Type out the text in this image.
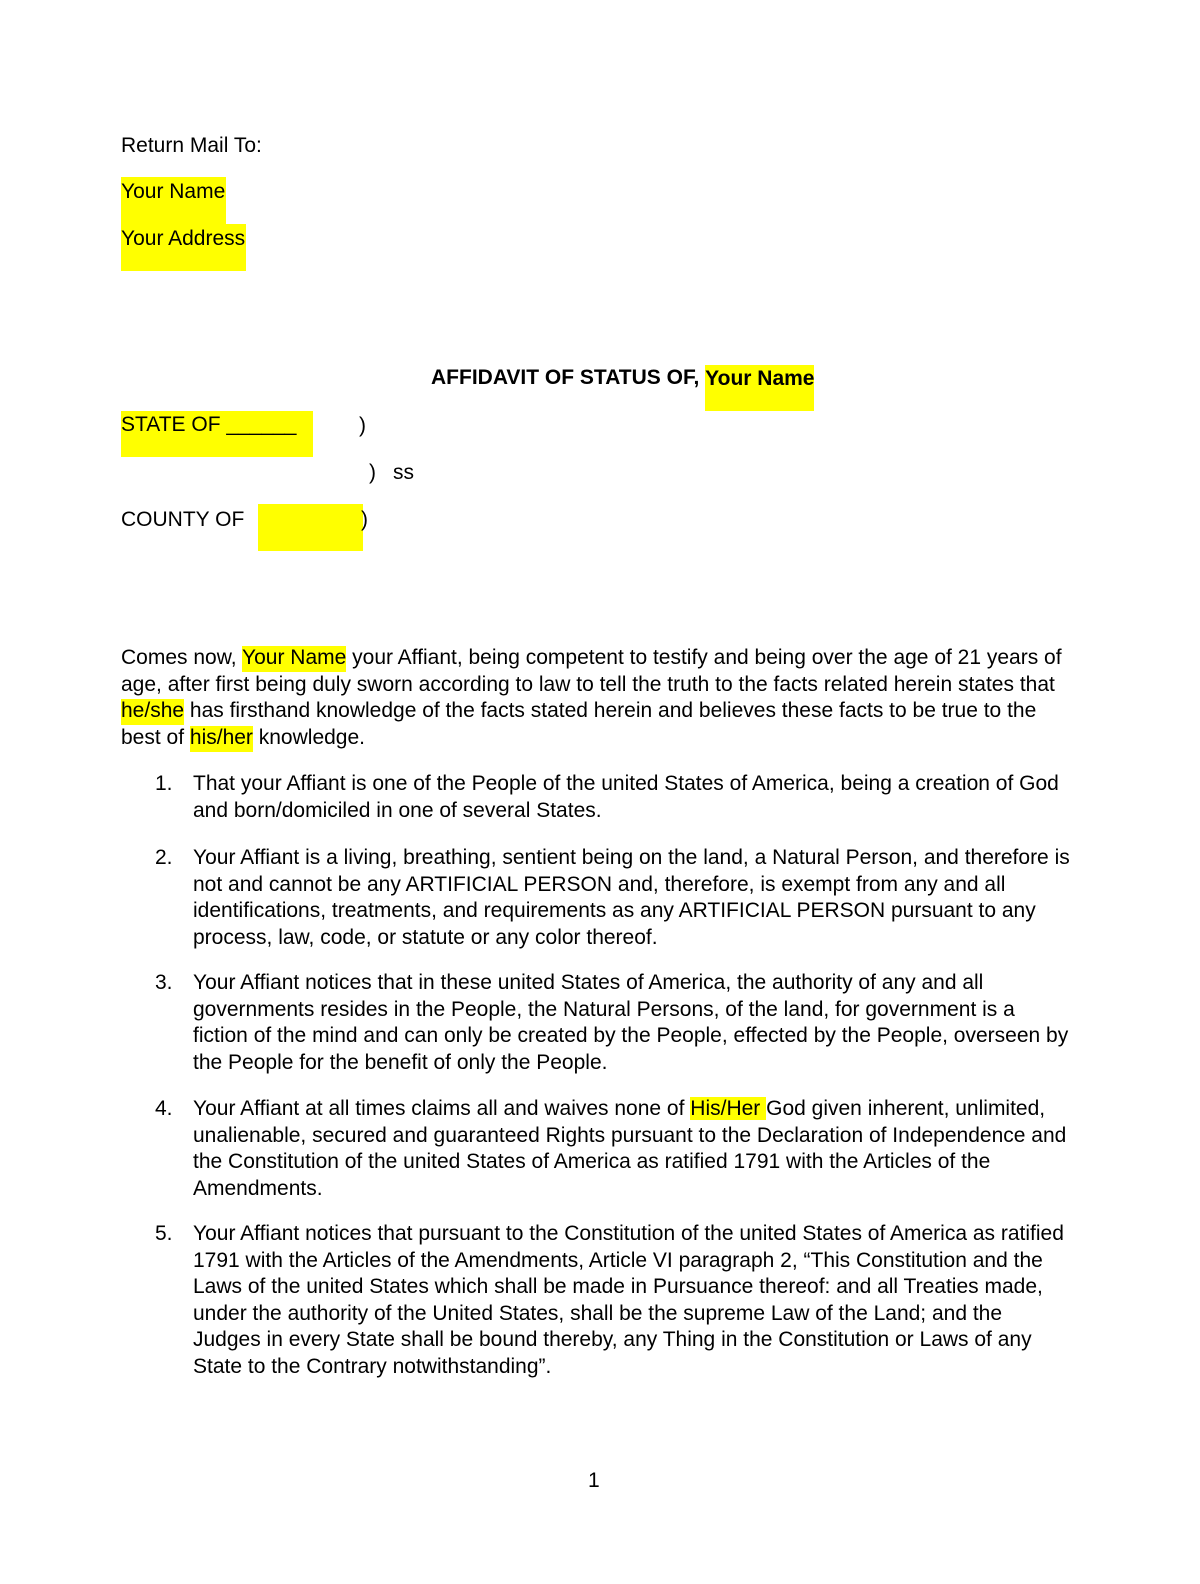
Return Mail To:

Your Name

Your Address

AFFIDAVIT OF STATUS OF, Your Name
STATE OF ______	)
) ss
COUNTY OF	)

Comes now, Your Name your Affiant, being competent to testify and being over the age of 21 years of age, after first being duly sworn according to law to tell the truth to the facts related herein states that he/she has firsthand knowledge of the facts stated herein and believes these facts to be true to the best of his/her knowledge.

1. That your Affiant is one of the People of the united States of America, being a creation of God and born/domiciled in one of several States.
2. Your Affiant is a living, breathing, sentient being on the land, a Natural Person, and therefore is not and cannot be any ARTIFICIAL PERSON and, therefore, is exempt from any and all identifications, treatments, and requirements as any ARTIFICIAL PERSON pursuant to any process, law, code, or statute or any color thereof.
3. Your Affiant notices that in these united States of America, the authority of any and all governments resides in the People, the Natural Persons, of the land, for government is a fiction of the mind and can only be created by the People, effected by the People, overseen by the People for the benefit of only the People.
4. Your Affiant at all times claims all and waives none of His/Her God given inherent, unlimited, unalienable, secured and guaranteed Rights pursuant to the Declaration of Independence and the Constitution of the united States of America as ratified 1791 with the Articles of the Amendments.
5. Your Affiant notices that pursuant to the Constitution of the united States of America as ratified 1791 with the Articles of the Amendments, Article VI paragraph 2, “This Constitution and the Laws of the united States which shall be made in Pursuance thereof: and all Treaties made, under the authority of the United States, shall be the supreme Law of the Land; and the Judges in every State shall be bound thereby, any Thing in the Constitution or Laws of any State to the Contrary notwithstanding”.
1
